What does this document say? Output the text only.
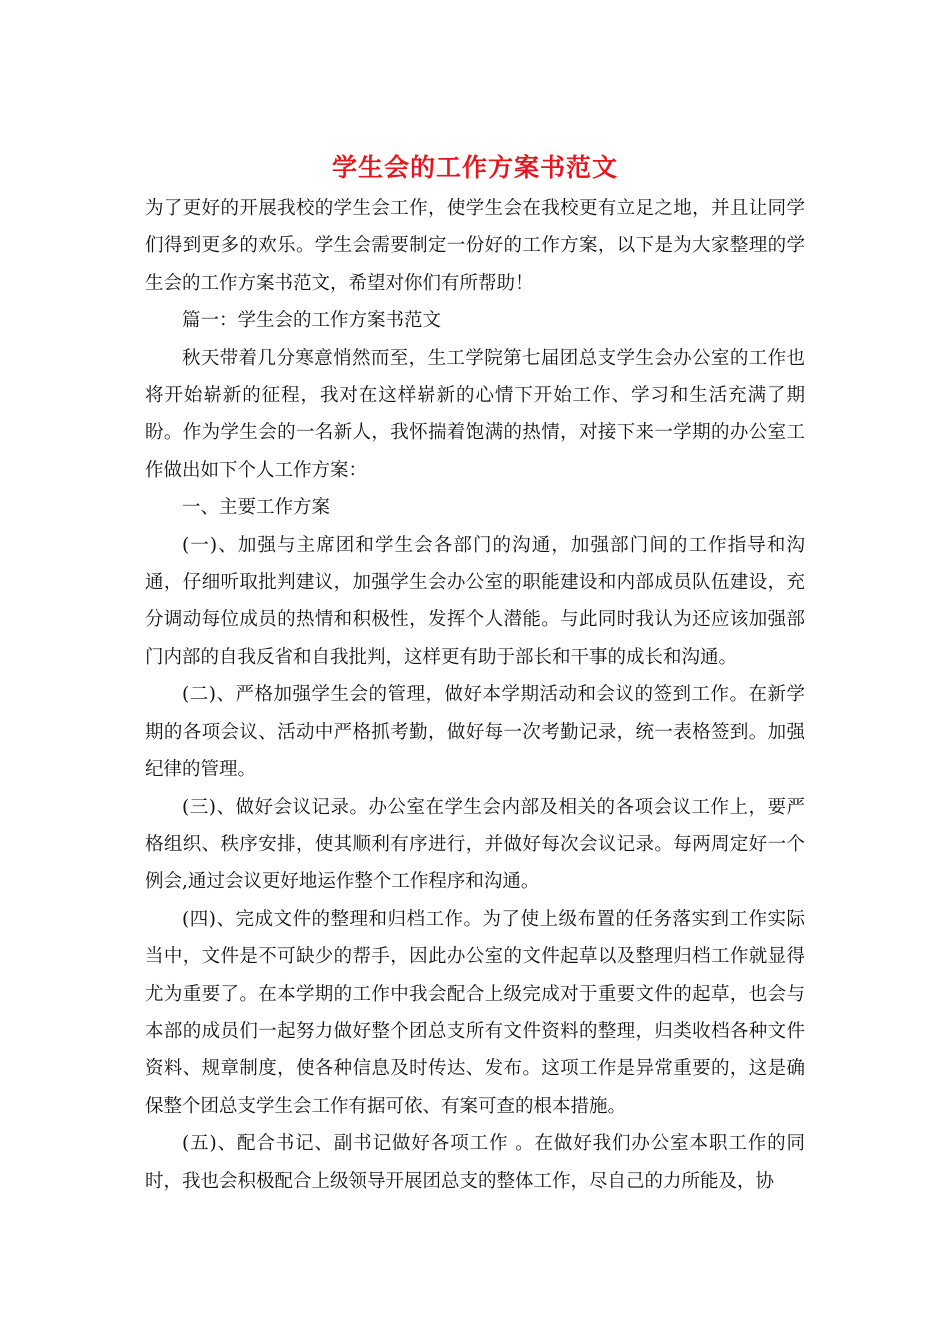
学生会的工作方案书范文

为了更好的开展我校的学生会工作，使学生会在我校更有立足之地，并且让同学们得到更多的欢乐。学生会需要制定一份好的工作方案，以下是为大家整理的学生会的工作方案书范文，希望对你们有所帮助！

篇一：学生会的工作方案书范文

秋天带着几分寒意悄然而至，生工学院第七届团总支学生会办公室的工作也将开始崭新的征程，我对在这样崭新的心情下开始工作、学习和生活充满了期盼。作为学生会的一名新人，我怀揣着饱满的热情，对接下来一学期的办公室工作做出如下个人工作方案：

一、主要工作方案

(一)、加强与主席团和学生会各部门的沟通，加强部门间的工作指导和沟通，仔细听取批判建议，加强学生会办公室的职能建设和内部成员队伍建设，充分调动每位成员的热情和积极性，发挥个人潜能。与此同时我认为还应该加强部门内部的自我反省和自我批判，这样更有助于部长和干事的成长和沟通。

(二)、严格加强学生会的管理，做好本学期活动和会议的签到工作。在新学期的各项会议、活动中严格抓考勤，做好每一次考勤记录，统一表格签到。加强纪律的管理。

(三)、做好会议记录。办公室在学生会内部及相关的各项会议工作上，要严格组织、秩序安排，使其顺利有序进行，并做好每次会议记录。每两周定好一个例会,通过会议更好地运作整个工作程序和沟通。

(四)、完成文件的整理和归档工作。为了使上级布置的任务落实到工作实际当中，文件是不可缺少的帮手，因此办公室的文件起草以及整理归档工作就显得尤为重要了。在本学期的工作中我会配合上级完成对于重要文件的起草，也会与本部的成员们一起努力做好整个团总支所有文件资料的整理，归类收档各种文件资料、规章制度，使各种信息及时传达、发布。这项工作是异常重要的，这是确保整个团总支学生会工作有据可依、有案可查的根本措施。

(五)、配合书记、副书记做好各项工作 。在做好我们办公室本职工作的同时，我也会积极配合上级领导开展团总支的整体工作，尽自己的力所能及，协
